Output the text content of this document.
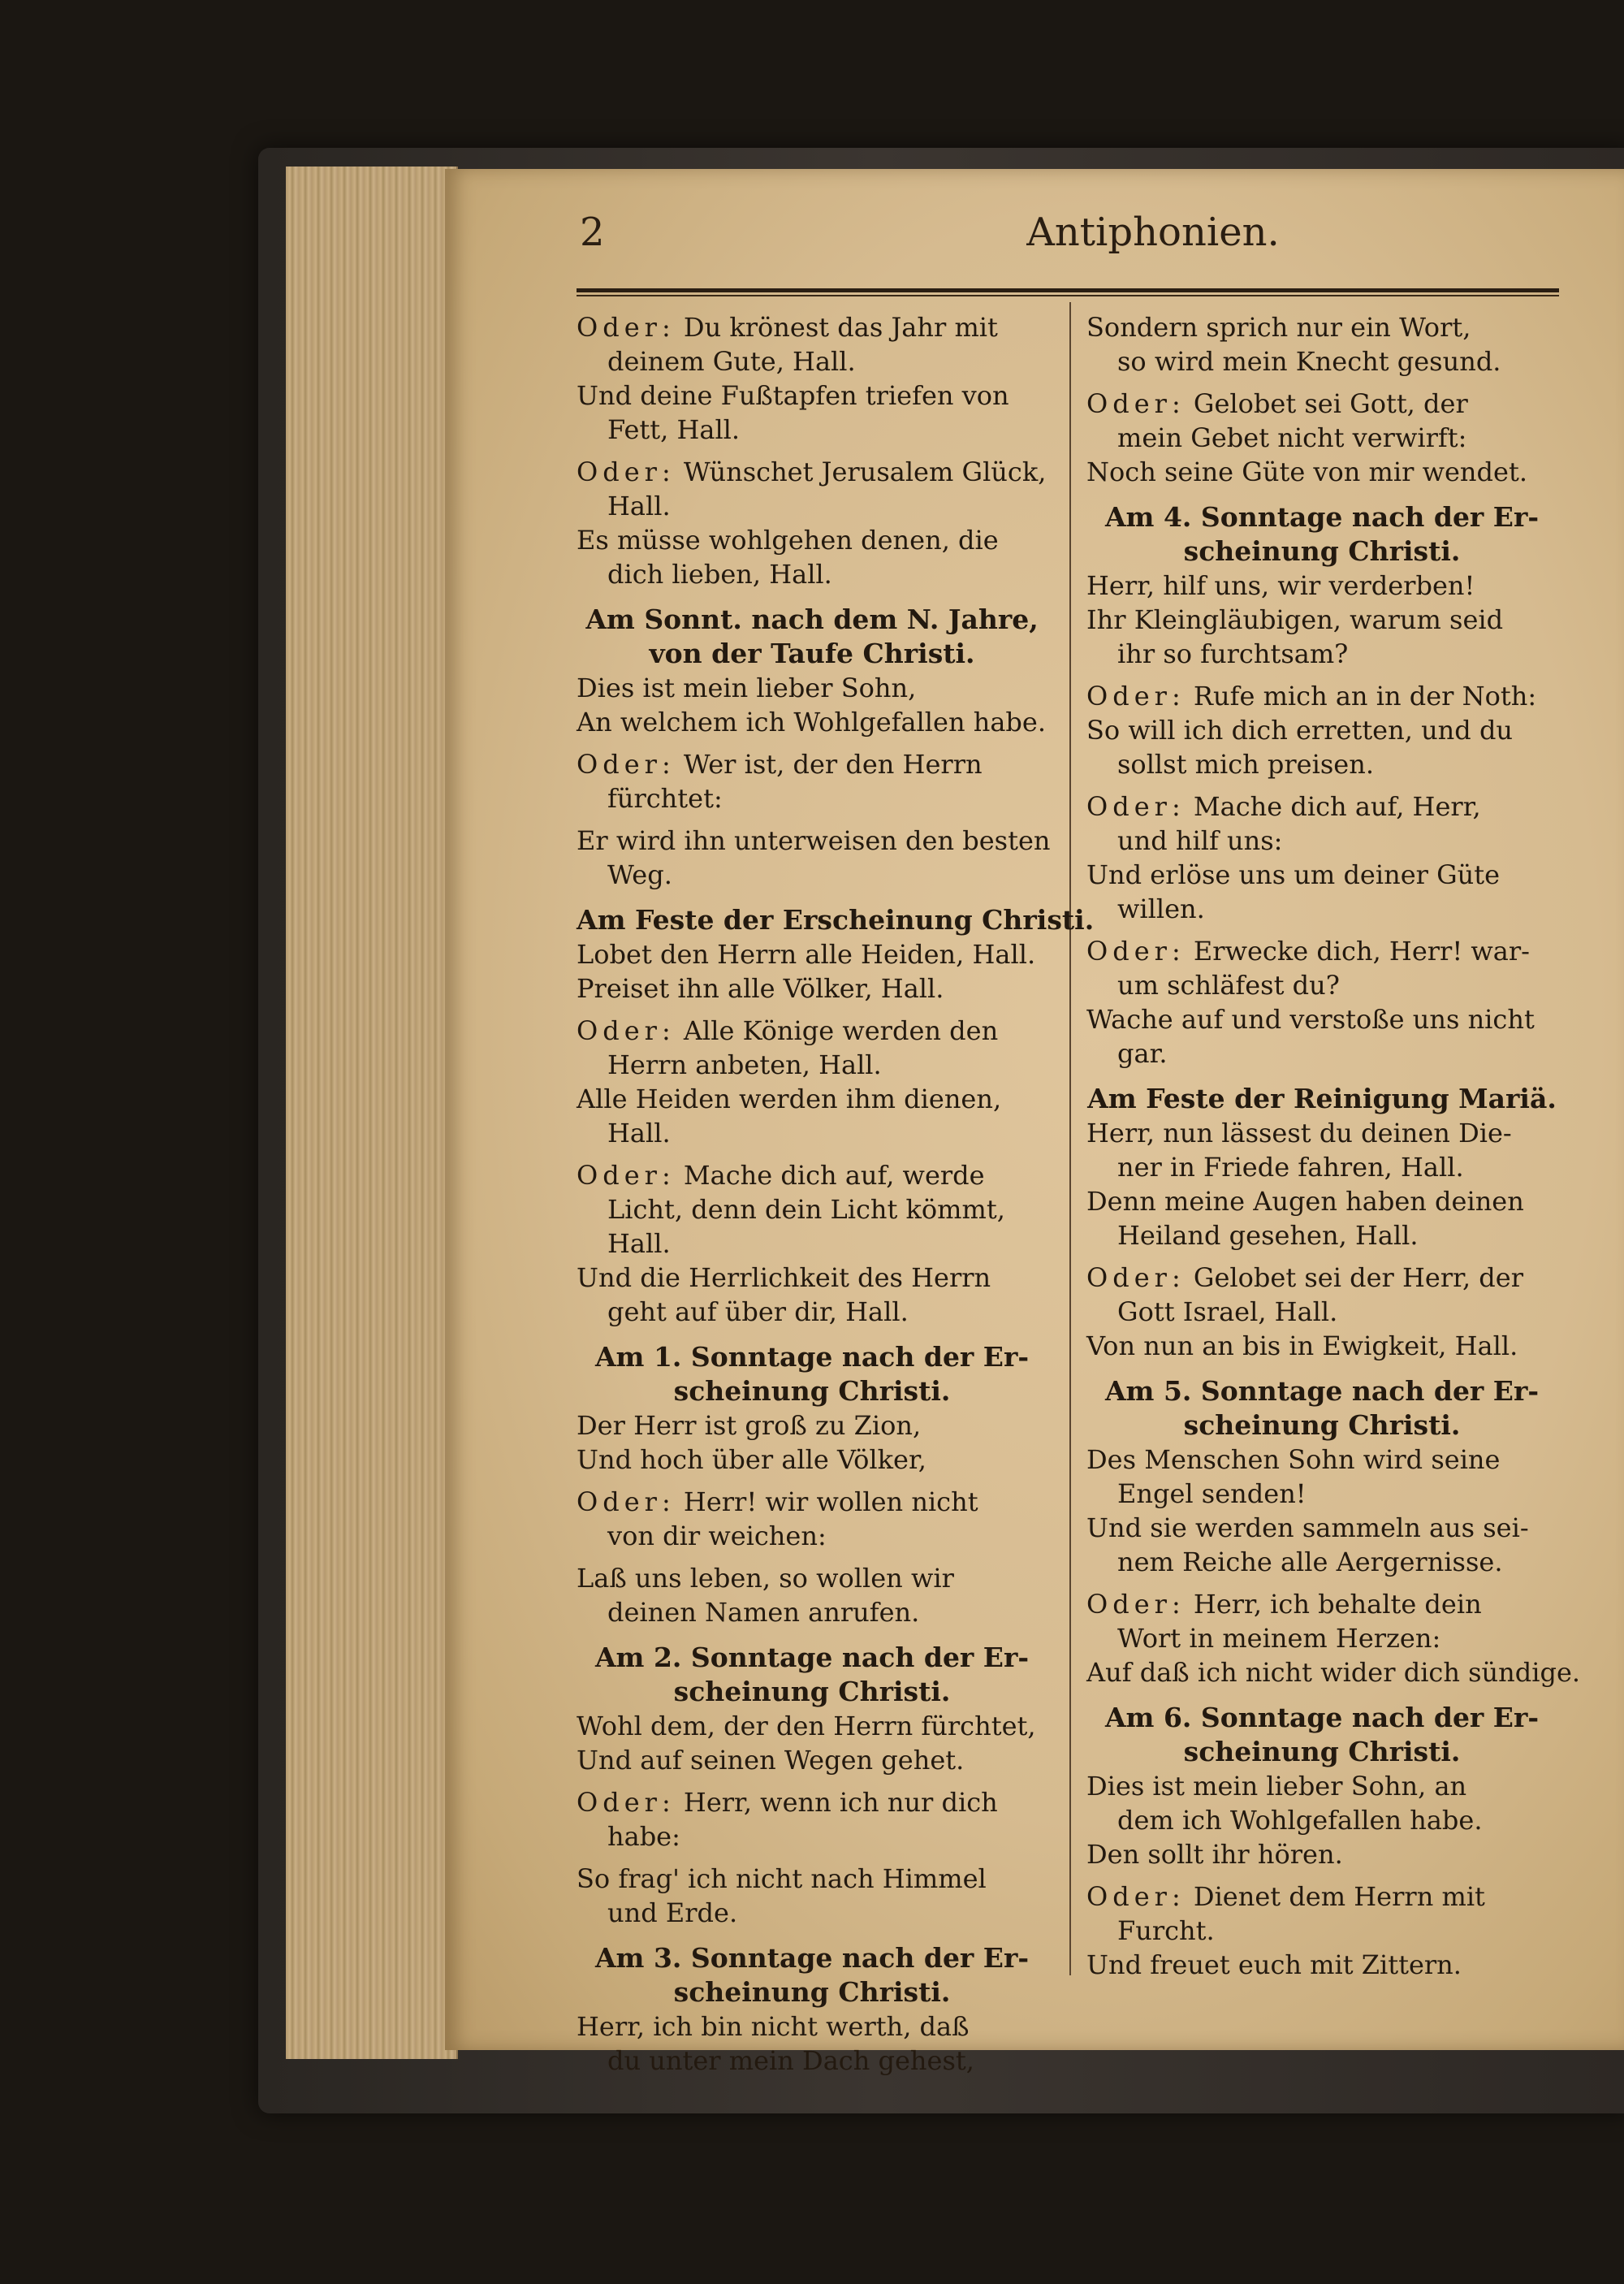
2	Antiphonien.
Oder: Du krönest das Jahr mit
deinem Gute, Hall.
Und deine Fußtapfen triefen von
Fett, Hall.
Oder: Wünschet Jerusalem Glück,
Hall.
Es müsse wohlgehen denen, die
dich lieben, Hall.
Am Sonnt. nach dem N. Jahre,
von der Taufe Christi.
Dies ist mein lieber Sohn,
An welchem ich Wohlgefallen habe.
Oder: Wer ist, der den Herrn
fürchtet:
Er wird ihn unterweisen den besten
Weg.
Am Feste der Erscheinung Christi.
Lobet den Herrn alle Heiden, Hall.
Preiset ihn alle Völker, Hall.
Oder: Alle Könige werden den
Herrn anbeten, Hall.
Alle Heiden werden ihm dienen,
Hall.
Oder: Mache dich auf, werde
Licht, denn dein Licht kömmt,
Hall.
Und die Herrlichkeit des Herrn
geht auf über dir, Hall.
Am 1. Sonntage nach der Er-
scheinung Christi.
Der Herr ist groß zu Zion,
Und hoch über alle Völker,
Oder: Herr! wir wollen nicht
von dir weichen:
Laß uns leben, so wollen wir
deinen Namen anrufen.
Am 2. Sonntage nach der Er-
scheinung Christi.
Wohl dem, der den Herrn fürchtet,
Und auf seinen Wegen gehet.
Oder: Herr, wenn ich nur dich
habe:
So frag' ich nicht nach Himmel
und Erde.
Am 3. Sonntage nach der Er-
scheinung Christi.
Herr, ich bin nicht werth, daß
du unter mein Dach gehest,
Sondern sprich nur ein Wort,
so wird mein Knecht gesund.
Oder: Gelobet sei Gott, der
mein Gebet nicht verwirft:
Noch seine Güte von mir wendet.
Am 4. Sonntage nach der Er-
scheinung Christi.
Herr, hilf uns, wir verderben!
Ihr Kleingläubigen, warum seid
ihr so furchtsam?
Oder: Rufe mich an in der Noth:
So will ich dich erretten, und du
sollst mich preisen.
Oder: Mache dich auf, Herr,
und hilf uns:
Und erlöse uns um deiner Güte
willen.
Oder: Erwecke dich, Herr! war-
um schläfest du?
Wache auf und verstoße uns nicht
gar.
Am Feste der Reinigung Mariä.
Herr, nun lässest du deinen Die-
ner in Friede fahren, Hall.
Denn meine Augen haben deinen
Heiland gesehen, Hall.
Oder: Gelobet sei der Herr, der
Gott Israel, Hall.
Von nun an bis in Ewigkeit, Hall.
Am 5. Sonntage nach der Er-
scheinung Christi.
Des Menschen Sohn wird seine
Engel senden!
Und sie werden sammeln aus sei-
nem Reiche alle Aergernisse.
Oder: Herr, ich behalte dein
Wort in meinem Herzen:
Auf daß ich nicht wider dich sündige.
Am 6. Sonntage nach der Er-
scheinung Christi.
Dies ist mein lieber Sohn, an
dem ich Wohlgefallen habe.
Den sollt ihr hören.
Oder: Dienet dem Herrn mit
Furcht.
Und freuet euch mit Zittern.
